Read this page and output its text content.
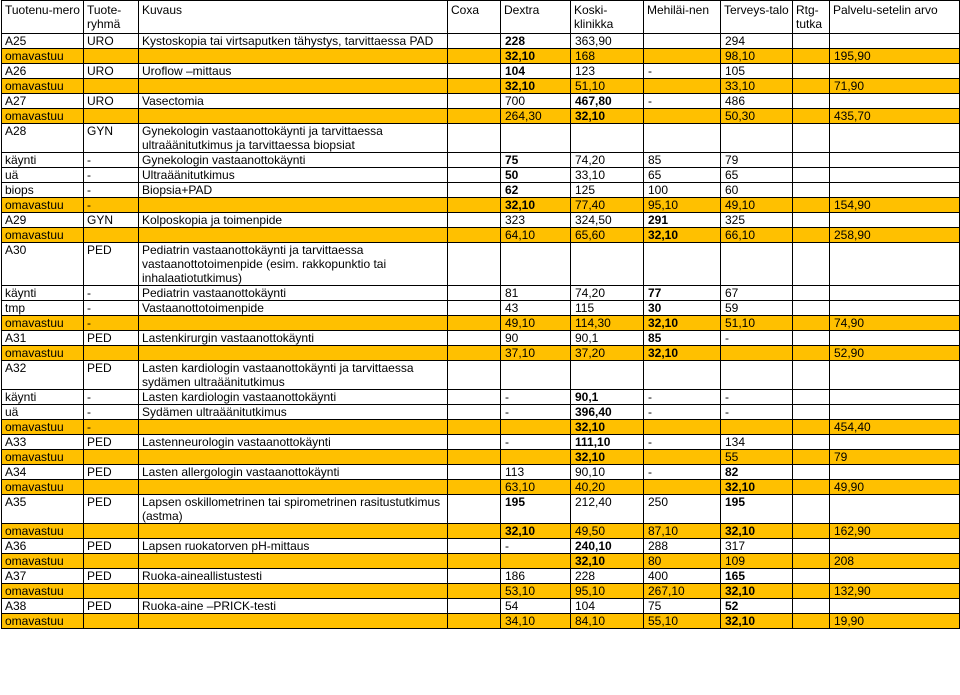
Tuotenu-mero	Tuote-ryhmä	Kuvaus	Coxa	Dextra	Koski-klinikka	Mehiläi-nen	Terveys-talo	Rtg-tutka	Palvelu-setelin arvo
A25	URO	Kystoskopia tai virtsaputken tähystys, tarvittaessa PAD		228	363,90		294		
omavastuu				32,10	168		98,10		195,90
A26	URO	Uroflow –mittaus		104	123	-	105		
omavastuu				32,10	51,10		33,10		71,90
A27	URO	Vasectomia		700	467,80	-	486		
omavastuu				264,30	32,10		50,30		435,70
A28	GYN	Gynekologin vastaanottokäynti ja tarvittaessa ultraäänitutkimus ja tarvittaessa biopsiat							
käynti	-	Gynekologin vastaanottokäynti		75	74,20	85	79		
uä	-	Ultraäänitutkimus		50	33,10	65	65		
biops	-	Biopsia+PAD		62	125	100	60		
omavastuu	-			32,10	77,40	95,10	49,10		154,90
A29	GYN	Kolposkopia ja toimenpide		323	324,50	291	325		
omavastuu				64,10	65,60	32,10	66,10		258,90
A30	PED	Pediatrin vastaanottokäynti ja tarvittaessa vastaanottotoimenpide (esim. rakkopunktio tai inhalaatiotutkimus)							
käynti	-	Pediatrin vastaanottokäynti		81	74,20	77	67		
tmp	-	Vastaanottotoimenpide		43	115	30	59		
omavastuu	-			49,10	114,30	32,10	51,10		74,90
A31	PED	Lastenkirurgin vastaanottokäynti		90	90,1	85	-		
omavastuu				37,10	37,20	32,10			52,90
A32	PED	Lasten kardiologin vastaanottokäynti ja tarvittaessa sydämen ultraäänitutkimus							
käynti	-	Lasten kardiologin vastaanottokäynti		-	90,1	-	-		
uä	-	Sydämen ultraäänitutkimus		-	396,40	-	-		
omavastuu	-				32,10				454,40
A33	PED	Lastenneurologin vastaanottokäynti		-	111,10	-	134		
omavastuu					32,10		55		79
A34	PED	Lasten allergologin vastaanottokäynti		113	90,10	-	82		
omavastuu				63,10	40,20		32,10		49,90
A35	PED	Lapsen oskillometrinen tai spirometrinen rasitustutkimus (astma)		195	212,40	250	195		
omavastuu				32,10	49,50	87,10	32,10		162,90
A36	PED	Lapsen ruokatorven pH-mittaus		-	240,10	288	317		
omavastuu					32,10	80	109		208
A37	PED	Ruoka-aineallistustesti		186	228	400	165		
omavastuu				53,10	95,10	267,10	32,10		132,90
A38	PED	Ruoka-aine –PRICK-testi		54	104	75	52		
omavastuu				34,10	84,10	55,10	32,10		19,90
